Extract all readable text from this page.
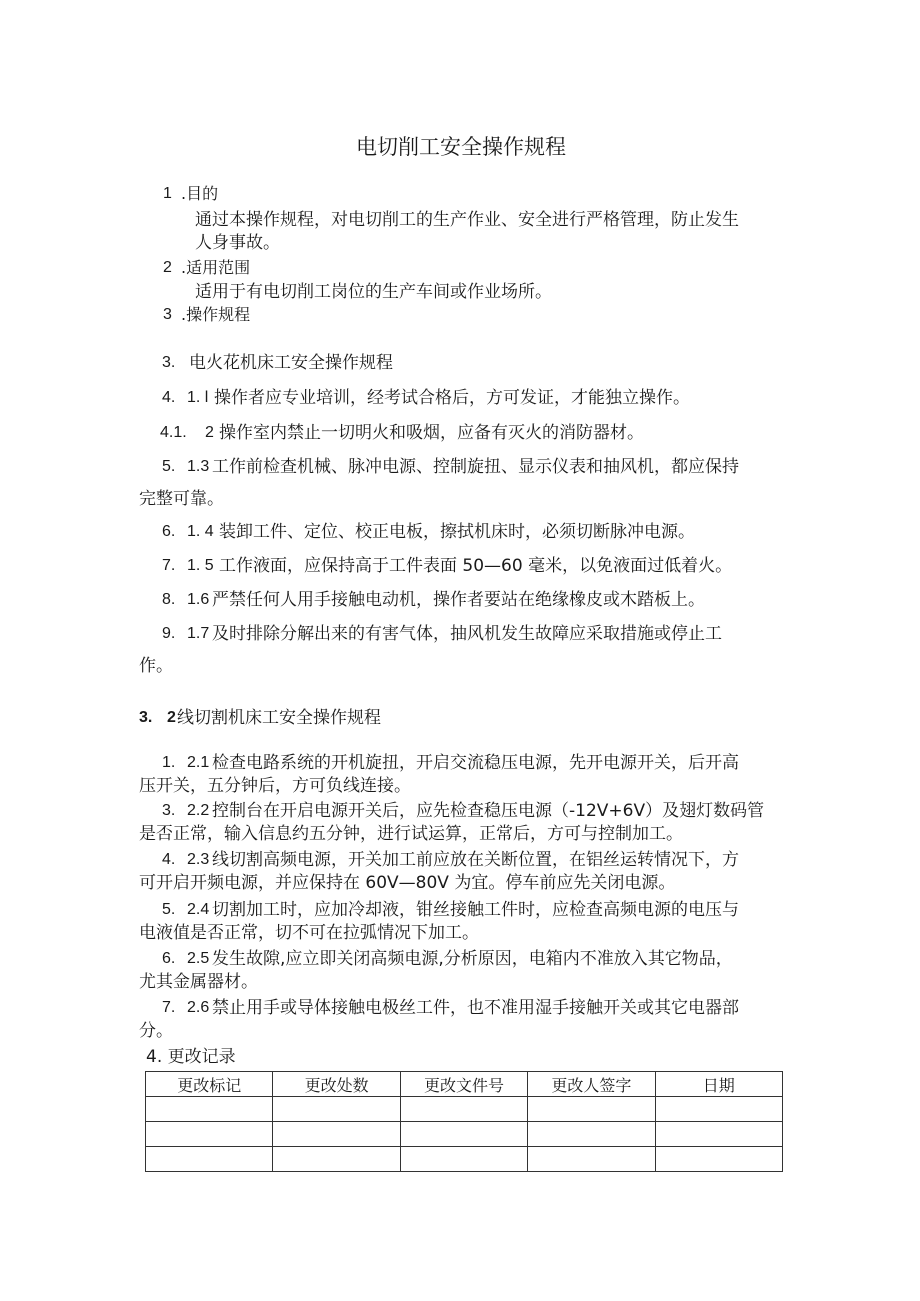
电切削工安全操作规程
1 .目的
通过本操作规程，对电切削工的生产作业、安全进行严格管理，防止发生
人身事故。
2 .适用范围
适用于有电切削工岗位的生产车间或作业场所。
3 .操作规程
3. 电火花机床工安全操作规程
4. 1. l 操作者应专业培训，经考试合格后，方可发证，才能独立操作。
4.1. 2 操作室内禁止一切明火和吸烟，应备有灭火的消防器材。
5. 1.3 工作前检查机械、脉冲电源、控制旋扭、显示仪表和抽风机，都应保持
完整可靠。
6. 1. 4 装卸工件、定位、校正电板，擦拭机床时，必须切断脉冲电源。
7. 1. 5 工作液面，应保持高于工件表面 50—60 毫米，以免液面过低着火。
8. 1.6 严禁任何人用手接触电动机，操作者要站在绝缘橡皮或木踏板上。
9. 1.7 及时排除分解出来的有害气体，抽风机发生故障应采取措施或停止工
作。
3. 2 线切割机床工安全操作规程
1. 2.1 检查电路系统的开机旋扭，开启交流稳压电源，先开电源开关，后开高
压开关，五分钟后，方可负线连接。
3. 2.2 控制台在开启电源开关后，应先检查稳压电源（-12V+6V）及翅灯数码管
是否正常，输入信息约五分钟，进行试运算，正常后，方可与控制加工。
4. 2.3 线切割高频电源，开关加工前应放在关断位置，在铝丝运转情况下，方
可开启开频电源，并应保持在 60V—80V 为宜。停车前应先关闭电源。
5. 2.4 切割加工时，应加冷却液，钳丝接触工件时，应检查高频电源的电压与
电液值是否正常，切不可在拉弧情况下加工。
6. 2.5 发生故隙,应立即关闭高频电源,分析原因，电箱内不准放入其它物品，
尤其金属器材。
7. 2.6 禁止用手或导体接触电极丝工件，也不准用湿手接触开关或其它电器部
分。
4. 更改记录
更改标记	更改处数	更改文件号	更改人签字	日期
